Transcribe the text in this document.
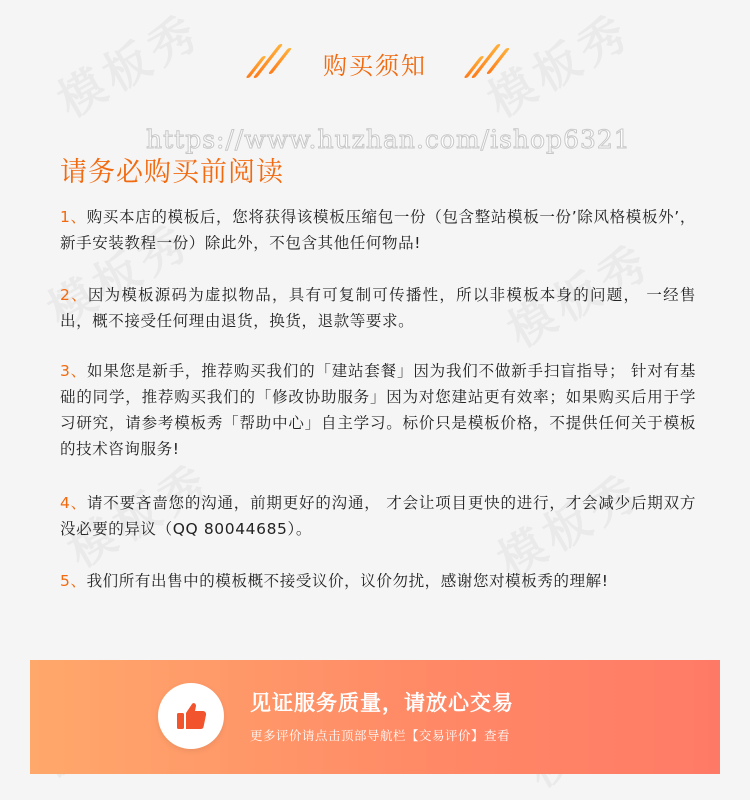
购买须知
https://www.huzhan.com/ishop6321
请务必购买前阅读
1、购买本店的模板后，您将获得该模板压缩包一份（包含整站模板一份’除风格模板外’，新手安装教程一份）除此外，不包含其他任何物品!
2、因为模板源码为虚拟物品，具有可复制可传播性，所以非模板本身的问题， 一经售出，概不接受任何理由退货，换货，退款等要求。
3、如果您是新手，推荐购买我们的「建站套餐」因为我们不做新手扫盲指导； 针对有基础的同学，推荐购买我们的「修改协助服务」因为对您建站更有效率；如果购买后用于学习研究，请参考模板秀「帮助中心」自主学习。标价只是模板价格，不提供任何关于模板的技术咨询服务!
4、请不要吝啬您的沟通，前期更好的沟通， 才会让项目更快的进行，才会减少后期双方没必要的异议（QQ 80044685）。
5、我们所有出售中的模板概不接受议价，议价勿扰，感谢您对模板秀的理解!
见证服务质量，请放心交易
更多评价请点击顶部导航栏【交易评价】查看
